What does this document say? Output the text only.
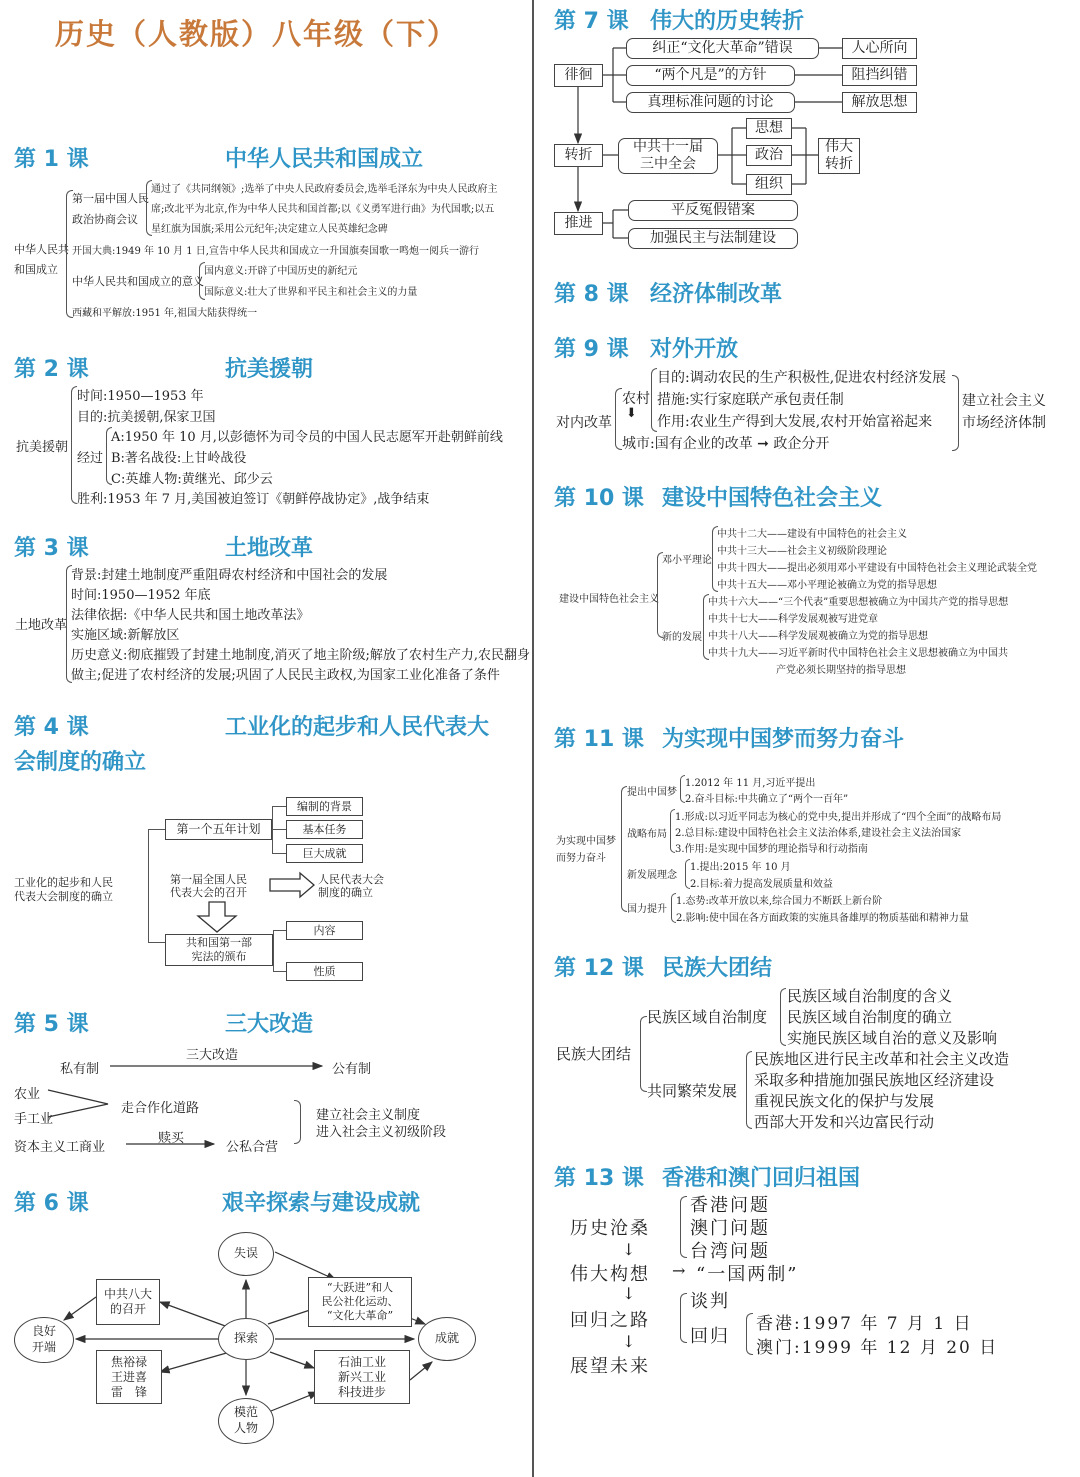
历史（人教版）八年级（下）
第 1 课	中华人民共和国成立
中华人民共
和国成立
第一届中国人民
政治协商会议
通过了《共同纲领》;选举了中央人民政府委员会,选举毛泽东为中央人民政府主
席;改北平为北京,作为中华人民共和国首都;以《义勇军进行曲》为代国歌;以五
星红旗为国旗;采用公元纪年;决定建立人民英雄纪念碑
开国大典:1949 年 10 月 1 日,宣告中华人民共和国成立一升国旗奏国歌一鸣炮一阅兵一游行
中华人民共和国成立的意义
国内意义:开辟了中国历史的新纪元
国际意义:壮大了世界和平民主和社会主义的力量
西藏和平解放:1951 年,祖国大陆获得统一
第 2 课	抗美援朝
抗美援朝
时间:1950—1953 年
目的:抗美援朝,保家卫国
经过
A:1950 年 10 月,以彭德怀为司令员的中国人民志愿军开赴朝鲜前线
B:著名战役:上甘岭战役
C:英雄人物:黄继光、邱少云
胜利:1953 年 7 月,美国被迫签订《朝鲜停战协定》,战争结束
第 3 课	土地改革
土地改革
背景:封建土地制度严重阻碍农村经济和中国社会的发展
时间:1950—1952 年底
法律依据:《中华人民共和国土地改革法》
实施区域:新解放区
历史意义:彻底摧毁了封建土地制度,消灭了地主阶级;解放了农村生产力,农民翻身
做主;促进了农村经济的发展;巩固了人民民主政权,为国家工业化准备了条件
第 4 课	工业化的起步和人民代表大
会制度的确立
工业化的起步和人民
代表大会制度的确立
第一个五年计划
编制的背景
基本任务
巨大成就
第一届全国人民
代表大会的召开
人民代表大会
制度的确立
共和国第一部
宪法的颁布
内容
性质
第 5 课	三大改造
三大改造
私有制	公有制
农业
手工业
资本主义工商业
走合作化道路
赎买
公私合营
建立社会主义制度
进入社会主义初级阶段
第 6 课	艰辛探索与建设成就
失误
探索
良好
开端
成就
模范
人物
中共八大
的召开
“大跃进”和人
民公社化运动、
“文化大革命”
焦裕禄
王进喜
雷　锋
石油工业
新兴工业
科技进步
第 7 课 伟大的历史转折
徘徊
转折
推进
纠正“文化大革命”错误
“两个凡是”的方针
真理标准问题的讨论
人心所向
阻挡纠错
解放思想
中共十一届
三中全会
思想
政治
组织
伟大
转折
平反冤假错案
加强民主与法制建设
第 8 课 经济体制改革
第 9 课 对外开放
对内改革
农村
⬇
城市
目的:调动农民的生产积极性,促进农村经济发展
措施:实行家庭联产承包责任制
作用:农业生产得到大发展,农村开始富裕起来
:国有企业的改革 ➞ 政企分开
建立社会主义
市场经济体制
第 10 课 建设中国特色社会主义
建设中国特色社会主义
邓小平理论
新的发展
中共十二大——建设有中国特色的社会主义
中共十三大——社会主义初级阶段理论
中共十四大——提出必须用邓小平建设有中国特色社会主义理论武装全党
中共十五大——邓小平理论被确立为党的指导思想
中共十六大——“三个代表”重要思想被确立为中国共产党的指导思想
中共十七大——科学发展观被写进党章
中共十八大——科学发展观被确立为党的指导思想
中共十九大——习近平新时代中国特色社会主义思想被确立为中国共
产党必须长期坚持的指导思想
第 11 课 为实现中国梦而努力奋斗
为实现中国梦
而努力奋斗
提出中国梦
1.2012 年 11 月,习近平提出
2.奋斗目标:中共确立了“两个一百年”
战略布局
1.形成:以习近平同志为核心的党中央,提出并形成了“四个全面”的战略布局
2.总目标:建设中国特色社会主义法治体系,建设社会主义法治国家
3.作用:是实现中国梦的理论指导和行动指南
新发展理念
1.提出:2015 年 10 月
2.目标:着力提高发展质量和效益
国力提升
1.态势:改革开放以来,综合国力不断跃上新台阶
2.影响:使中国在各方面政策的实施具备雄厚的物质基础和精神力量
第 12 课 民族大团结
民族大团结
民族区域自治制度
民族区域自治制度的含义
民族区域自治制度的确立
实施民族区域自治的意义及影响
共同繁荣发展
民族地区进行民主改革和社会主义改造
采取多种措施加强民族地区经济建设
重视民族文化的保护与发展
西部大开发和兴边富民行动
第 13 课 香港和澳门回归祖国
历史沧桑
香港问题
澳门问题
台湾问题
↓
伟大构想 → “一国两制”
↓
回归之路
谈判
回归
香港:1997 年 7 月 1 日
澳门:1999 年 12 月 20 日
↓
展望未来
